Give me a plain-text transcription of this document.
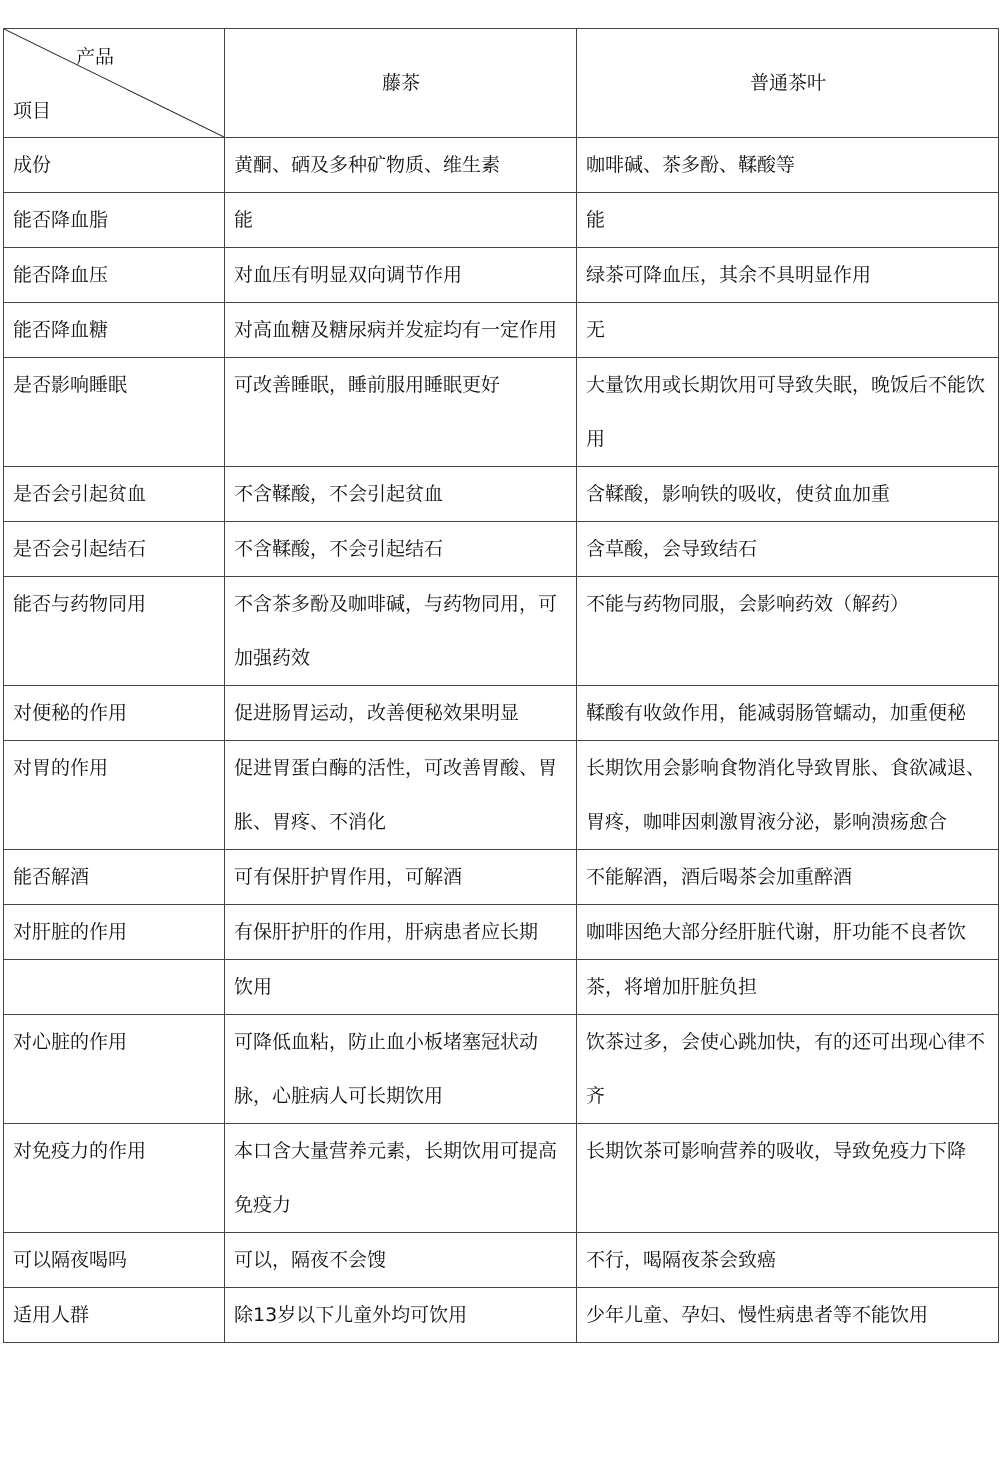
产品
项目	藤茶	普通茶叶
成份	黄酮、硒及多种矿物质、维生素	咖啡碱、茶多酚、鞣酸等
能否降血脂	能	能
能否降血压	对血压有明显双向调节作用	绿茶可降血压，其余不具明显作用
能否降血糖	对高血糖及糖尿病并发症均有一定作用	无
是否影响睡眠	可改善睡眠，睡前服用睡眠更好	大量饮用或长期饮用可导致失眠，晚饭后不能饮用
是否会引起贫血	不含鞣酸，不会引起贫血	含鞣酸，影响铁的吸收，使贫血加重
是否会引起结石	不含鞣酸，不会引起结石	含草酸，会导致结石
能否与药物同用	不含茶多酚及咖啡碱，与药物同用，可加强药效	不能与药物同服，会影响药效（解药）
对便秘的作用	促进肠胃运动，改善便秘效果明显	鞣酸有收敛作用，能减弱肠管蠕动，加重便秘
对胃的作用	促进胃蛋白酶的活性，可改善胃酸、胃胀、胃疼、不消化	长期饮用会影响食物消化导致胃胀、食欲减退、胃疼，咖啡因刺激胃液分泌，影响溃疡愈合
能否解酒	可有保肝护胃作用，可解酒	不能解酒，酒后喝茶会加重醉酒
对肝脏的作用	有保肝护肝的作用，肝病患者应长期	咖啡因绝大部分经肝脏代谢，肝功能不良者饮
	饮用	茶，将增加肝脏负担
对心脏的作用	可降低血粘，防止血小板堵塞冠状动脉，心脏病人可长期饮用	饮茶过多，会使心跳加快，有的还可出现心律不齐
对免疫力的作用	本口含大量营养元素，长期饮用可提高免疫力	长期饮茶可影响营养的吸收，导致免疫力下降
可以隔夜喝吗	可以，隔夜不会馊	不行，喝隔夜茶会致癌
适用人群	除13岁以下儿童外均可饮用	少年儿童、孕妇、慢性病患者等不能饮用
